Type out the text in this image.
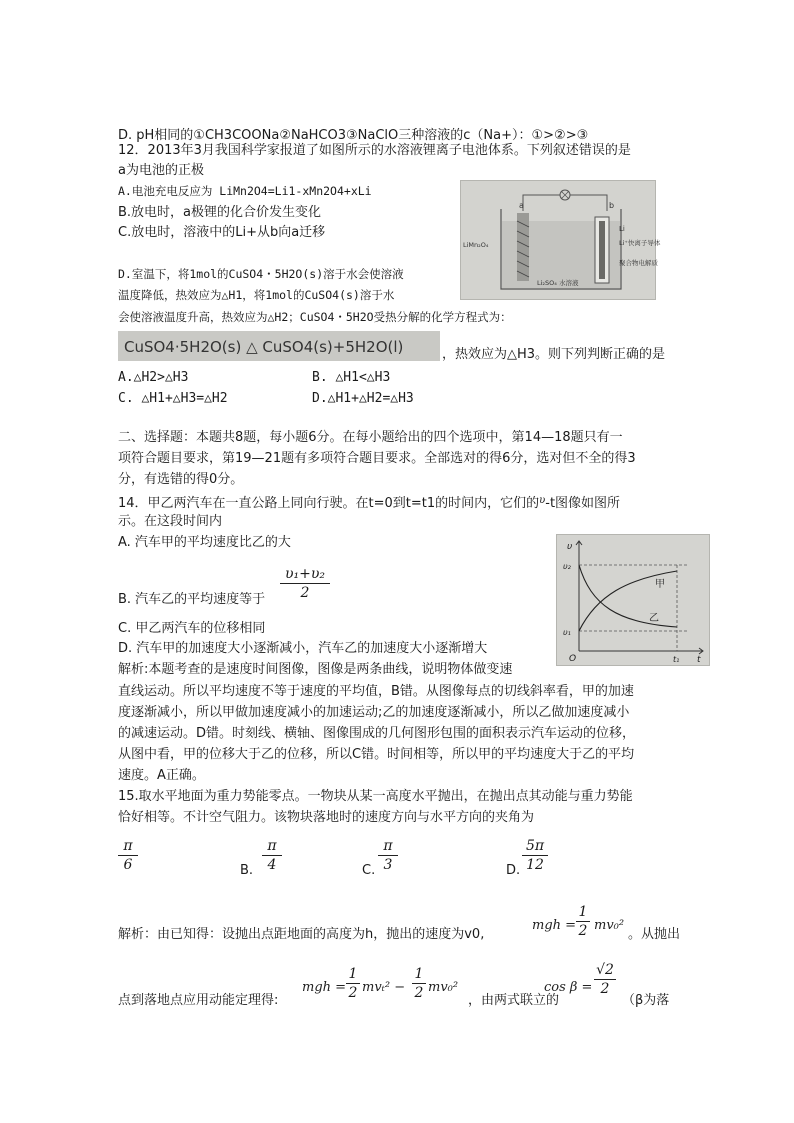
D. pH相同的①CH3COONa②NaHCO3③NaClO三种溶液的c（Na+）：①>②>③
12．2013年3月我国科学家报道了如图所示的水溶液锂离子电池体系。下列叙述错误的是
a为电池的正极
A.电池充电反应为 LiMn2O4=Li1-xMn2O4+xLi
B.放电时，a极锂的化合价发生变化
C.放电时，溶液中的Li+从b向a迁移
a	b
Li
Li⁺快离子导体
聚合物电解质
LiMn₂O₄
Li₂SO₄ 水溶液
D.室温下，将1mol的CuSO4・5H2O(s)溶于水会使溶液
温度降低，热效应为△H1，将1mol的CuSO4(s)溶于水
会使溶液温度升高，热效应为△H2；CuSO4・5H2O受热分解的化学方程式为：
CuSO4·5H2O(s) △ CuSO4(s)+5H2O(l)	，热效应为△H3。则下列判断正确的是
A.△H2>△H3	B. △H1<△H3
C. △H1+△H3=△H2	D.△H1+△H2=△H3
二、选择题：本题共8题，每小题6分。在每小题给出的四个选项中，第14—18题只有一
项符合题目要求，第19—21题有多项符合题目要求。全部选对的得6分，选对但不全的得3
分，有选错的得0分。
14．甲乙两汽车在一直公路上同向行驶。在t=0到t=t1的时间内，它们的$^\upsilon$-t图像如图所
示。在这段时间内
A. 汽车甲的平均速度比乙的大
B. 汽车乙的平均速度等于
υ₁+υ₂
2
C. 甲乙两汽车的位移相同
D. 汽车甲的加速度大小逐渐减小，汽车乙的加速度大小逐渐增大
υ
υ₂
υ₁
O	t₁ t
甲
乙
解析:本题考查的是速度时间图像，图像是两条曲线，说明物体做变速
直线运动。所以平均速度不等于速度的平均值，B错。从图像每点的切线斜率看，甲的加速
度逐渐减小，所以甲做加速度减小的加速运动;乙的加速度逐渐减小，所以乙做加速度减小
的减速运动。D错。时刻线、横轴、图像围成的几何图形包围的面积表示汽车运动的位移，
从图中看，甲的位移大于乙的位移，所以C错。时间相等，所以甲的平均速度大于乙的平均
速度。A正确。
15.取水平地面为重力势能零点。一物块从某一高度水平抛出，在抛出点其动能与重力势能
恰好相等。不计空气阻力。该物块落地时的速度方向与水平方向的夹角为
π
6	B.
π
4	C.
π
3	D.
5π
12
解析：由已知得：设抛出点距地面的高度为h，抛出的速度为v0,
mgh =
1
2 mv₀²
。从抛出
点到落地点应用动能定理得:
mgh =
1
2 mvₜ² −
1
2 mv₀²
，由两式联立的
cos β =
√2
2
（β为落
